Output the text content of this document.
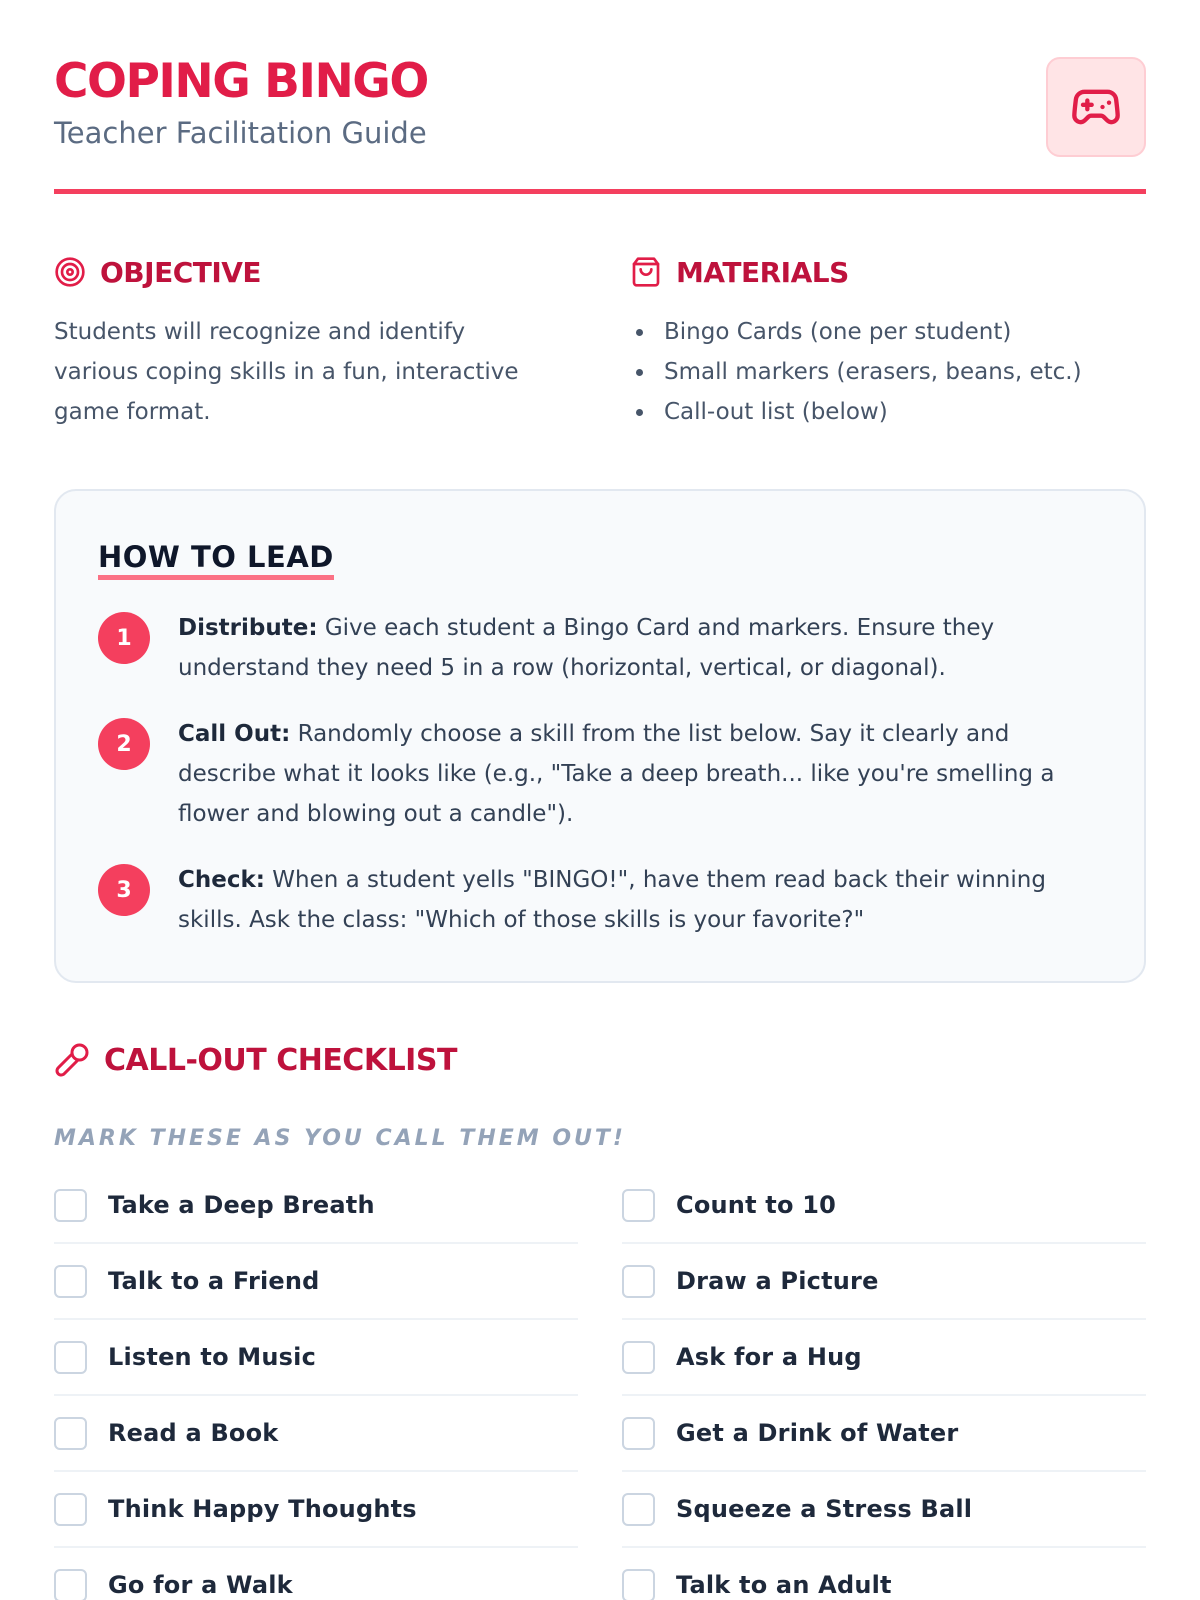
COPING BINGO
Teacher Facilitation Guide
OBJECTIVE

Students will recognize and identify various coping skills in a fun, interactive game format.

MATERIALS
Bingo Cards (one per student)
Small markers (erasers, beans, etc.)
Call-out list (below)
HOW TO LEAD
1	Distribute: Give each student a Bingo Card and markers. Ensure they understand they need 5 in a row (horizontal, vertical, or diagonal).

2	Call Out: Randomly choose a skill from the list below. Say it clearly and describe what it looks like (e.g., "Take a deep breath... like you're smelling a flower and blowing out a candle").

3	Check: When a student yells "BINGO!", have them read back their winning skills. Ask the class: "Which of those skills is your favorite?"

CALL-OUT CHECKLIST
MARK THESE AS YOU CALL THEM OUT!
Take a Deep Breath	Count to 10
Talk to a Friend	Draw a Picture
Listen to Music	Ask for a Hug
Read a Book	Get a Drink of Water
Think Happy Thoughts	Squeeze a Stress Ball
Go for a Walk	Talk to an Adult
